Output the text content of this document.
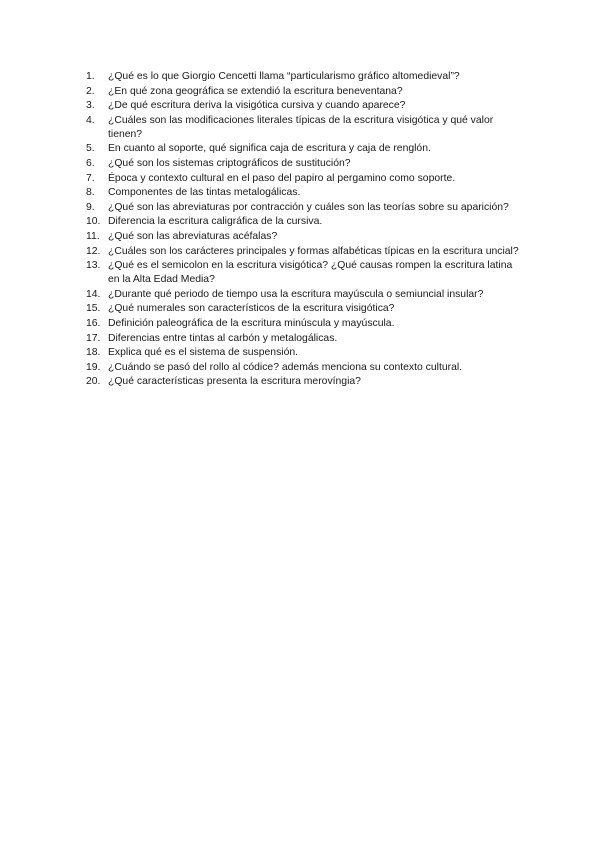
1.	¿Qué es lo que Giorgio Cencetti llama “particularismo gráfico altomedieval”?
2.	¿En qué zona geográfica se extendió la escritura beneventana?
3.	¿De qué escritura deriva la visigótica cursiva y cuando aparece?
4.	¿Cuáles son las modificaciones literales típicas de la escritura visigótica y qué valor tienen?
5.	En cuanto al soporte, qué significa caja de escritura y caja de renglón.
6.	¿Qué son los sistemas criptográficos de sustitución?
7.	Época y contexto cultural en el paso del papiro al pergamino como soporte.
8.	Componentes de las tintas metalogálicas.
9.	¿Qué son las abreviaturas por contracción y cuáles son las teorías sobre su aparición?
10. Diferencia la escritura caligráfica de la cursiva.
11. ¿Qué son las abreviaturas acéfalas?
12. ¿Cuáles son los carácteres principales y formas alfabéticas típicas en la escritura uncial?
13. ¿Qué es el semicolon en la escritura visigótica? ¿Qué causas rompen la escritura latina en la Alta Edad Media?
14. ¿Durante qué periodo de tiempo usa la escritura mayúscula o semiuncial insular?
15. ¿Qué numerales son característicos de la escritura visigótica?
16. Definición paleográfica de la escritura minúscula y mayúscula.
17. Diferencias entre tintas al carbón y metalogálicas.
18. Explica qué es el sistema de suspensión.
19. ¿Cuándo se pasó del rollo al códice? además menciona su contexto cultural.
20. ¿Qué características presenta la escritura merovíngia?
